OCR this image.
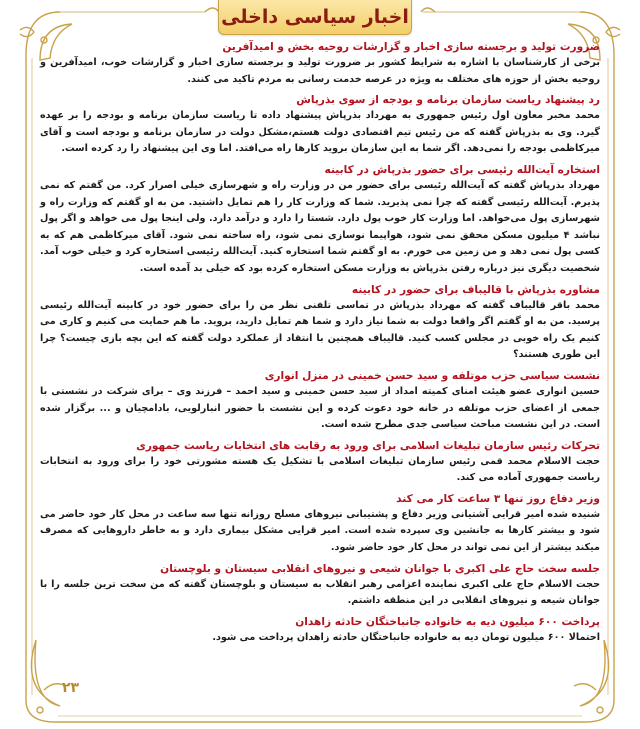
اخبار سیاسی داخلی

ضرورت تولید و برجسته سازی اخبار و گزارشات روحیه بخش و امیدآفرین

برخی از کارشناسان با اشاره به شرایط کشور بر ضرورت تولید و برجسته سازی اخبار و گزارشات خوب، امیدآفرین و روحیه بخش از حوزه های مختلف به ویژه در عرصه خدمت رسانی به مردم تاکید می کنند.

رد پیشنهاد ریاست سازمان برنامه و بودجه از سوی بذرپاش

محمد مخبر معاون اول رئیس جمهوری به مهرداد بذرپاش پیشنهاد داده تا ریاست سازمان برنامه و بودجه را بر عهده گیرد. وی به بذرپاش گفته که من رئیس تیم اقتصادی دولت هستم،مشکل دولت در سازمان برنامه و بودجه است و آقای میرکاظمی بودجه را نمی‌دهد. اگر شما به این سازمان بروید کارها راه می‌افتد. اما وی این پیشنهاد را رد کرده است.

استخاره آیت‌الله رئیسی برای حضور بذرپاش در کابینه

مهرداد بذرپاش گفته که آیت‌الله رئیسی برای حضور من در وزارت راه و شهرسازی خیلی اصرار کرد. من گفتم که نمی پذیرم. آیت‌الله رئیسی گفته که چرا نمی پذیرید. شما که وزارت کار را هم تمایل داشتید. من به او گفتم که وزارت راه و شهرسازی پول می‌خواهد. اما وزارت کار خوب پول دارد. شستا را دارد و درآمد دارد. ولی اینجا پول می خواهد و اگر پول نباشد ۴ میلیون مسکن محقق نمی شود، هواپیما نوسازی نمی شود، راه ساخته نمی شود. آقای میرکاظمی هم که به کسی پول نمی دهد و من زمین می خورم. به او گفتم شما استخاره کنید. آیت‌الله رئیسی استخاره کرد و خیلی خوب آمد. شخصیت دیگری نیز درباره رفتن بذرپاش به وزارت مسکن استخاره کرده بود که خیلی بد آمده است.

مشاوره بذرپاش با قالیباف برای حضور در کابینه

محمد باقر قالیباف گفته که مهرداد بذرپاش در تماسی تلفنی نظر من را برای حضور خود در کابینه آیت‌الله رئیسی پرسید. من به او گفتم اگر واقعا دولت به شما نیاز دارد و شما هم تمایل دارید، بروید. ما هم حمایت می کنیم و کاری می کنیم یک راه خوبی در مجلس کسب کنید. قالیباف همچنین با انتقاد از عملکرد دولت گفته که این بچه بازی چیست؟ چرا این طوری هستند؟

نشست سیاسی حزب موتلفه و سید حسن خمینی در منزل انواری

حسین انواری عضو هیئت امنای کمیته امداد از سید حسن خمینی و سید احمد – فرزند وی – برای شرکت در نشستی با جمعی از اعضای حزب موتلفه در خانه خود دعوت کرده و این نشست با حضور انبارلویی، بادامچیان و ... برگزار شده است. در این نشست مباحث سیاسی جدی مطرح شده است.

تحرکات رئیس سازمان تبلیغات اسلامی برای ورود به رقابت های انتخابات ریاست جمهوری

حجت الاسلام محمد قمی رئیس سازمان تبلیغات اسلامی با تشکیل یک هسته مشورتی خود را برای ورود به انتخابات ریاست جمهوری آماده می کند.

وزیر دفاع روز تنها ۳ ساعت کار می کند

شنیده شده امیر قرایی آشتیانی وزیر دفاع و پشتیبانی نیروهای مسلح روزانه تنها سه ساعت در محل کار خود حاضر می شود و بیشتر کارها به جانشین وی سپرده شده است. امیر قرایی مشکل بیماری دارد و به خاطر داروهایی که مصرف میکند بیشتر از این نمی تواند در محل کار خود حاضر شود.

جلسه سخت حاج علی اکبری با جوانان شیعی و نیروهای انقلابی سیستان و بلوچستان

حجت الاسلام حاج علی اکبری نماینده اعزامی رهبر انقلاب به سیستان و بلوچستان گفته که من سخت ترین جلسه را با جوانان شیعه و نیروهای انقلابی در این منطقه داشتم.

پرداخت ۶۰۰ میلیون دیه به خانواده جانباختگان حادثه زاهدان

احتمالا ۶۰۰ میلیون تومان دیه به خانواده جانباختگان حادثه زاهدان پرداخت می شود.

۲۳
